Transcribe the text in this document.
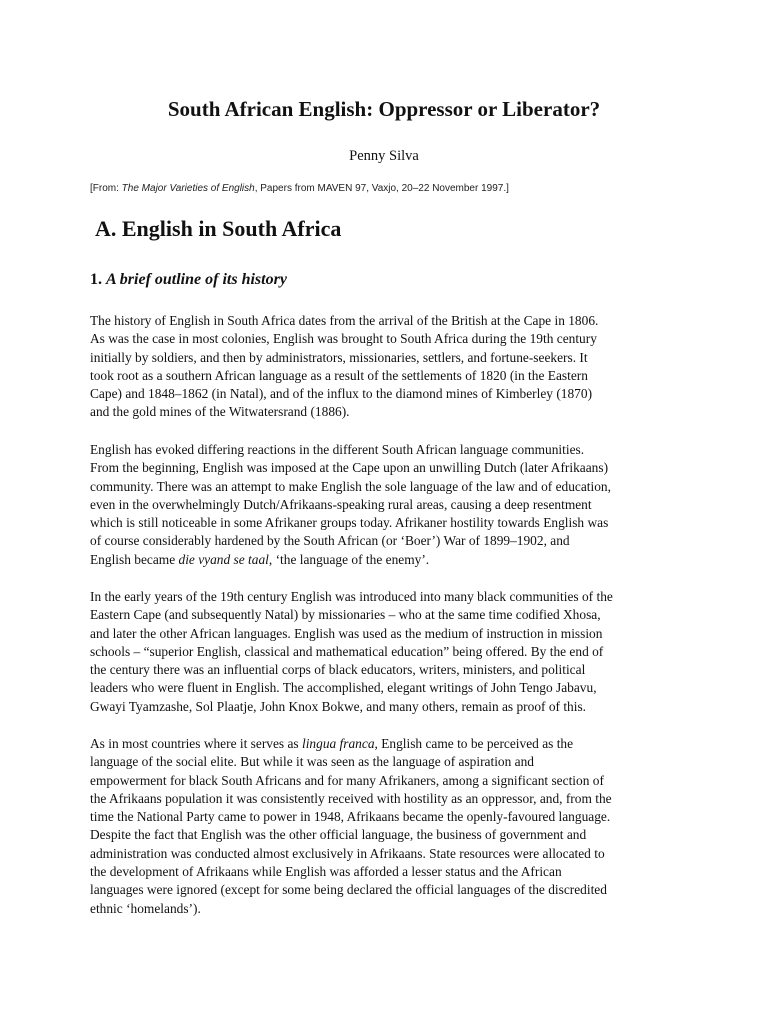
South African English: Oppressor or Liberator?

Penny Silva

[From: The Major Varieties of English, Papers from MAVEN 97, Vaxjo, 20–22 November 1997.]

A. English in South Africa
1. A brief outline of its history

The history of English in South Africa dates from the arrival of the British at the Cape in 1806.
As was the case in most colonies, English was brought to South Africa during the 19th century
initially by soldiers, and then by administrators, missionaries, settlers, and fortune-seekers. It
took root as a southern African language as a result of the settlements of 1820 (in the Eastern
Cape) and 1848–1862 (in Natal), and of the influx to the diamond mines of Kimberley (1870)
and the gold mines of the Witwatersrand (1886).

English has evoked differing reactions in the different South African language communities.
From the beginning, English was imposed at the Cape upon an unwilling Dutch (later Afrikaans)
community. There was an attempt to make English the sole language of the law and of education,
even in the overwhelmingly Dutch/Afrikaans-speaking rural areas, causing a deep resentment
which is still noticeable in some Afrikaner groups today. Afrikaner hostility towards English was
of course considerably hardened by the South African (or ‘Boer’) War of 1899–1902, and
English became die vyand se taal, ‘the language of the enemy’.

In the early years of the 19th century English was introduced into many black communities of the
Eastern Cape (and subsequently Natal) by missionaries – who at the same time codified Xhosa,
and later the other African languages. English was used as the medium of instruction in mission
schools – “superior English, classical and mathematical education” being offered. By the end of
the century there was an influential corps of black educators, writers, ministers, and political
leaders who were fluent in English. The accomplished, elegant writings of John Tengo Jabavu,
Gwayi Tyamzashe, Sol Plaatje, John Knox Bokwe, and many others, remain as proof of this.

As in most countries where it serves as lingua franca, English came to be perceived as the
language of the social elite. But while it was seen as the language of aspiration and
empowerment for black South Africans and for many Afrikaners, among a significant section of
the Afrikaans population it was consistently received with hostility as an oppressor, and, from the
time the National Party came to power in 1948, Afrikaans became the openly-favoured language.
Despite the fact that English was the other official language, the business of government and
administration was conducted almost exclusively in Afrikaans. State resources were allocated to
the development of Afrikaans while English was afforded a lesser status and the African
languages were ignored (except for some being declared the official languages of the discredited
ethnic ‘homelands’).
